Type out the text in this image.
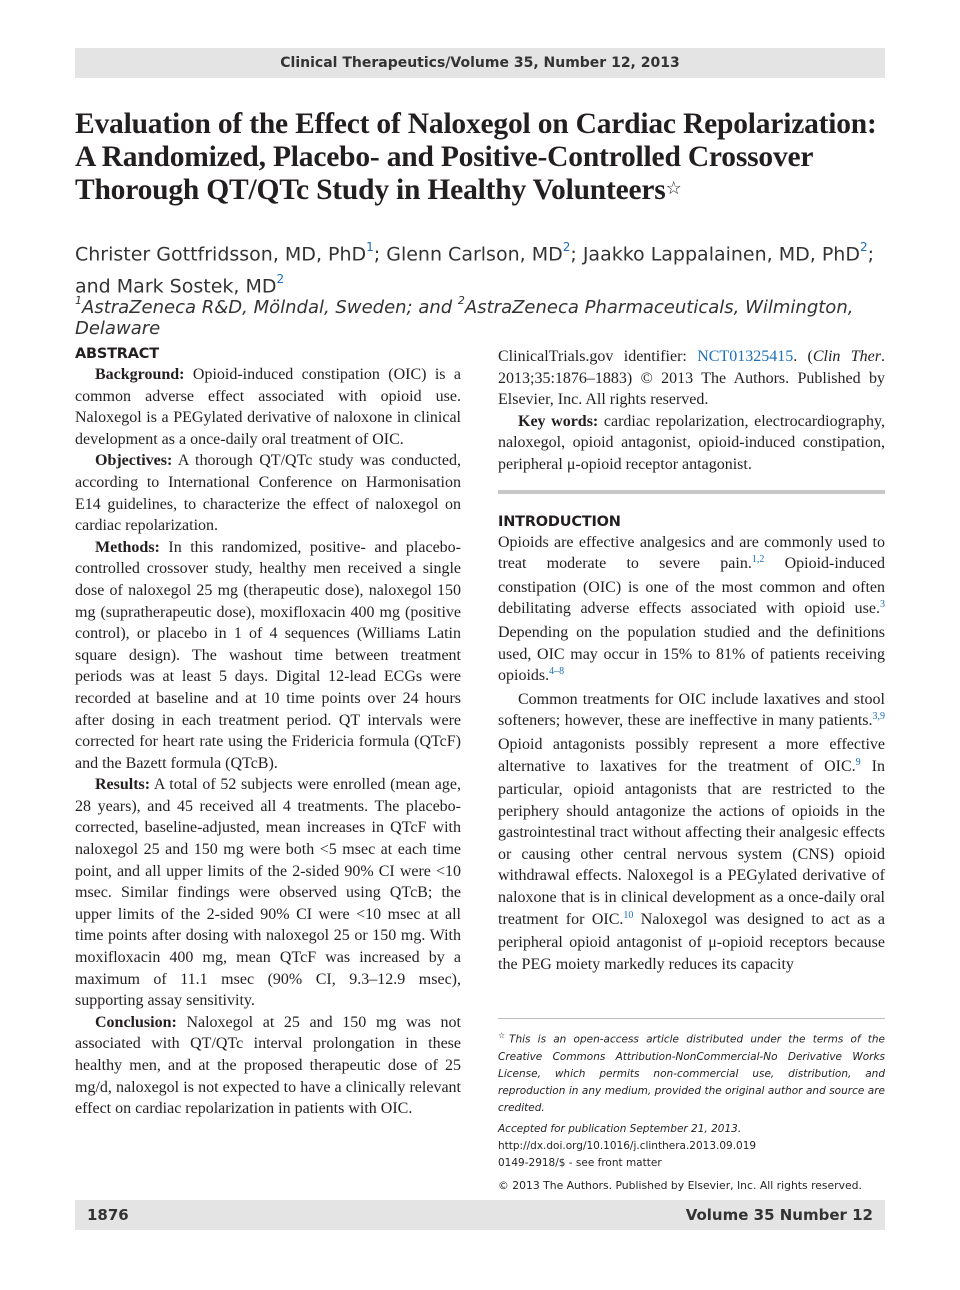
Clinical Therapeutics/Volume 35, Number 12, 2013
Evaluation of the Effect of Naloxegol on Cardiac Repolarization:
A Randomized, Placebo- and Positive-Controlled Crossover
Thorough QT/QTc Study in Healthy Volunteers☆
Christer Gottfridsson, MD, PhD$^1$; Glenn Carlson, $MD^2$; Jaakko Lappalainen, MD, PhD$^2$;
and Mark Sostek, $MD^2$
$^1$AstraZeneca R&D, Mölndal, Sweden; and $^2$AstraZeneca Pharmaceuticals, Wilmington, Delaware
ABSTRACT

Background: Opioid-induced constipation (OIC) is a common adverse effect associated with opioid use. Naloxegol is a PEGylated derivative of naloxone in clinical development as a once-daily oral treatment of OIC.

Objectives: A thorough QT/QTc study was conducted, according to International Conference on Harmonisation E14 guidelines, to characterize the effect of naloxegol on cardiac repolarization.

Methods: In this randomized, positive- and placebo-controlled crossover study, healthy men received a single dose of naloxegol 25 mg (therapeutic dose), naloxegol 150 mg (supratherapeutic dose), moxifloxacin 400 mg (positive control), or placebo in 1 of 4 sequences (Williams Latin square design). The washout time between treatment periods was at least 5 days. Digital 12-lead ECGs were recorded at baseline and at 10 time points over 24 hours after dosing in each treatment period. QT intervals were corrected for heart rate using the Fridericia formula (QTcF) and the Bazett formula (QTcB).

Results: A total of 52 subjects were enrolled (mean age, 28 years), and 45 received all 4 treatments. The placebo-corrected, baseline-adjusted, mean increases in QTcF with naloxegol 25 and 150 mg were both <5 msec at each time point, and all upper limits of the 2-sided 90% CI were <10 msec. Similar findings were observed using QTcB; the upper limits of the 2-sided 90% CI were <10 msec at all time points after dosing with naloxegol 25 or 150 mg. With moxifloxacin 400 mg, mean QTcF was increased by a maximum of 11.1 msec (90% CI, 9.3–12.9 msec), supporting assay sensitivity.

Conclusion: Naloxegol at 25 and 150 mg was not associated with QT/QTc interval prolongation in these healthy men, and at the proposed therapeutic dose of 25 mg/d, naloxegol is not expected to have a clinically relevant effect on cardiac repolarization in patients with OIC.

ClinicalTrials.gov identifier: NCT01325415. (Clin Ther. 2013;35:1876–1883) © 2013 The Authors. Published by Elsevier, Inc. All rights reserved.

Key words: cardiac repolarization, electrocardiography, naloxegol, opioid antagonist, opioid-induced constipation, peripheral μ-opioid receptor antagonist.

INTRODUCTION

Opioids are effective analgesics and are commonly used to treat moderate to severe pain.$^{1,2}$ Opioid-induced constipation (OIC) is one of the most common and often debilitating adverse effects associated with opioid use.$^3$ Depending on the population studied and the definitions used, OIC may occur in 15% to 81% of patients receiving opioids.$^{4-8}$

Common treatments for OIC include laxatives and stool softeners; however, these are ineffective in many patients.$^{3,9}$ Opioid antagonists possibly represent a more effective alternative to laxatives for the treatment of OIC.$^9$ In particular, opioid antagonists that are restricted to the periphery should antagonize the actions of opioids in the gastrointestinal tract without affecting their analgesic effects or causing other central nervous system (CNS) opioid withdrawal effects. Naloxegol is a PEGylated derivative of naloxone that is in clinical development as a once-daily oral treatment for OIC.$^{10}$ Naloxegol was designed to act as a peripheral opioid antagonist of μ-opioid receptors because the PEG moiety markedly reduces its capacity

☆This is an open-access article distributed under the terms of the Creative Commons Attribution-NonCommercial-No Derivative Works License, which permits non-commercial use, distribution, and reproduction in any medium, provided the original author and source are credited.
Accepted for publication September 21, 2013.
http://dx.doi.org/10.1016/j.clinthera.2013.09.019
0149-2918/$ - see front matter
© 2013 The Authors. Published by Elsevier, Inc. All rights reserved.
1876	Volume 35 Number 12
